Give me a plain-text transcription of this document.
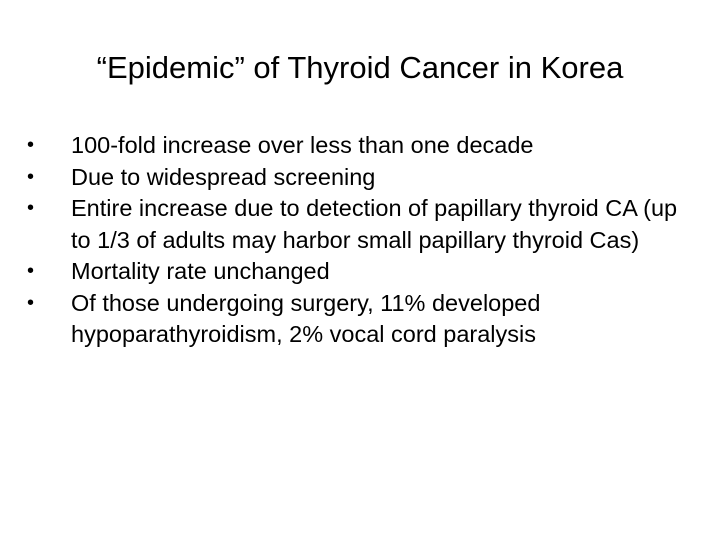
“Epidemic” of Thyroid Cancer in Korea
•	100-fold increase over less than one decade
•	Due to widespread screening
•	Entire increase due to detection of papillary thyroid CA (up to 1/3 of adults may harbor small papillary thyroid Cas)
•	Mortality rate unchanged
•	Of those undergoing surgery, 11% developed hypoparathyroidism, 2% vocal cord paralysis
